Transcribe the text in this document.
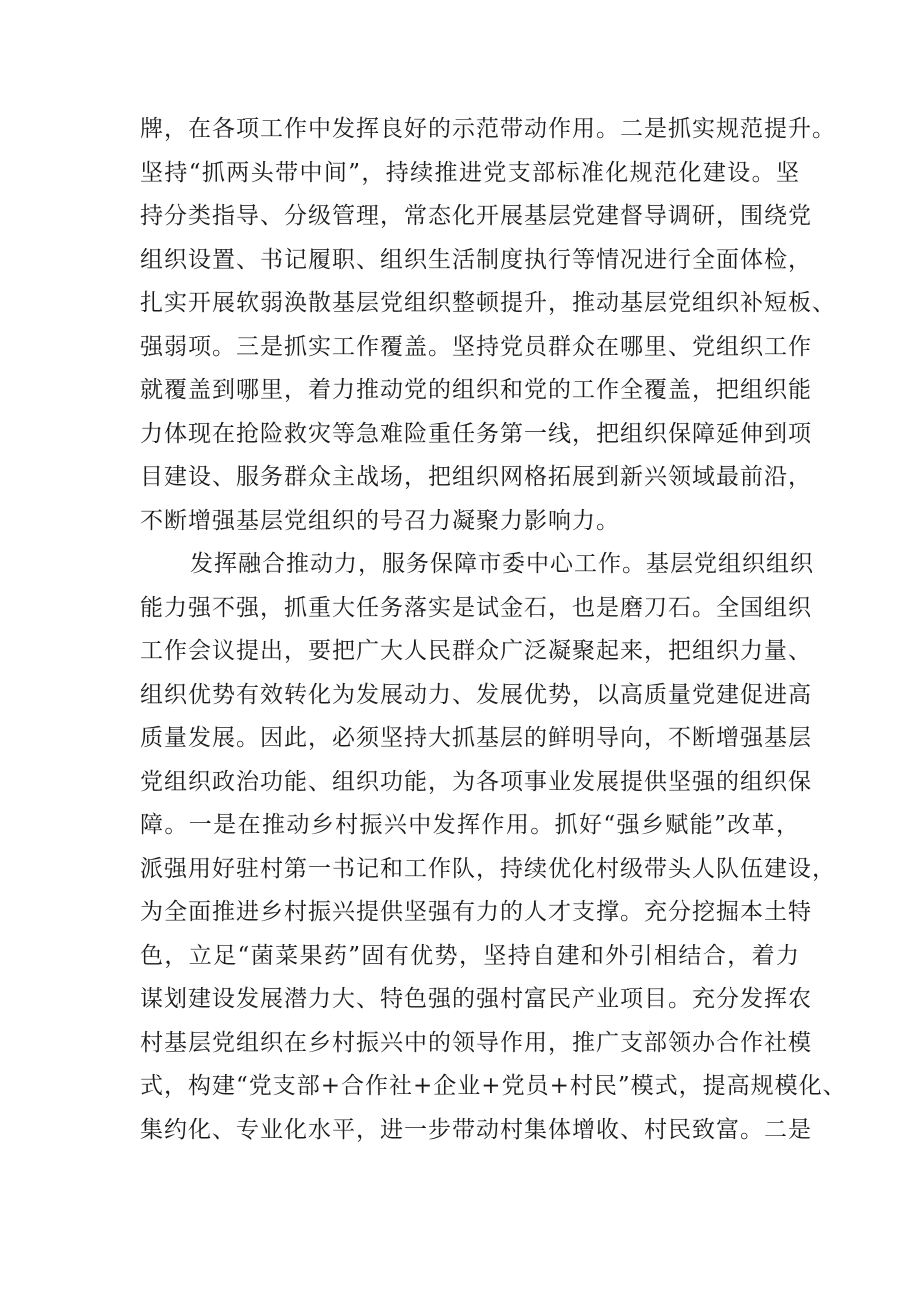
牌，在各项工作中发挥良好的示范带动作用。二是抓实规范提升。
坚持“抓两头带中间”，持续推进党支部标准化规范化建设。坚
持分类指导、分级管理，常态化开展基层党建督导调研，围绕党
组织设置、书记履职、组织生活制度执行等情况进行全面体检，
扎实开展软弱涣散基层党组织整顿提升，推动基层党组织补短板、
强弱项。三是抓实工作覆盖。坚持党员群众在哪里、党组织工作
就覆盖到哪里，着力推动党的组织和党的工作全覆盖，把组织能
力体现在抢险救灾等急难险重任务第一线，把组织保障延伸到项
目建设、服务群众主战场，把组织网格拓展到新兴领域最前沿，
不断增强基层党组织的号召力凝聚力影响力。
发挥融合推动力，服务保障市委中心工作。基层党组织组织
能力强不强，抓重大任务落实是试金石，也是磨刀石。全国组织
工作会议提出，要把广大人民群众广泛凝聚起来，把组织力量、
组织优势有效转化为发展动力、发展优势，以高质量党建促进高
质量发展。因此，必须坚持大抓基层的鲜明导向，不断增强基层
党组织政治功能、组织功能，为各项事业发展提供坚强的组织保
障。一是在推动乡村振兴中发挥作用。抓好“强乡赋能”改革，
派强用好驻村第一书记和工作队，持续优化村级带头人队伍建设，
为全面推进乡村振兴提供坚强有力的人才支撑。充分挖掘本土特
色，立足“菌菜果药”固有优势，坚持自建和外引相结合，着力
谋划建设发展潜力大、特色强的强村富民产业项目。充分发挥农
村基层党组织在乡村振兴中的领导作用，推广支部领办合作社模
式，构建“党支部+合作社+企业+党员+村民”模式，提高规模化、
集约化、专业化水平，进一步带动村集体增收、村民致富。二是
